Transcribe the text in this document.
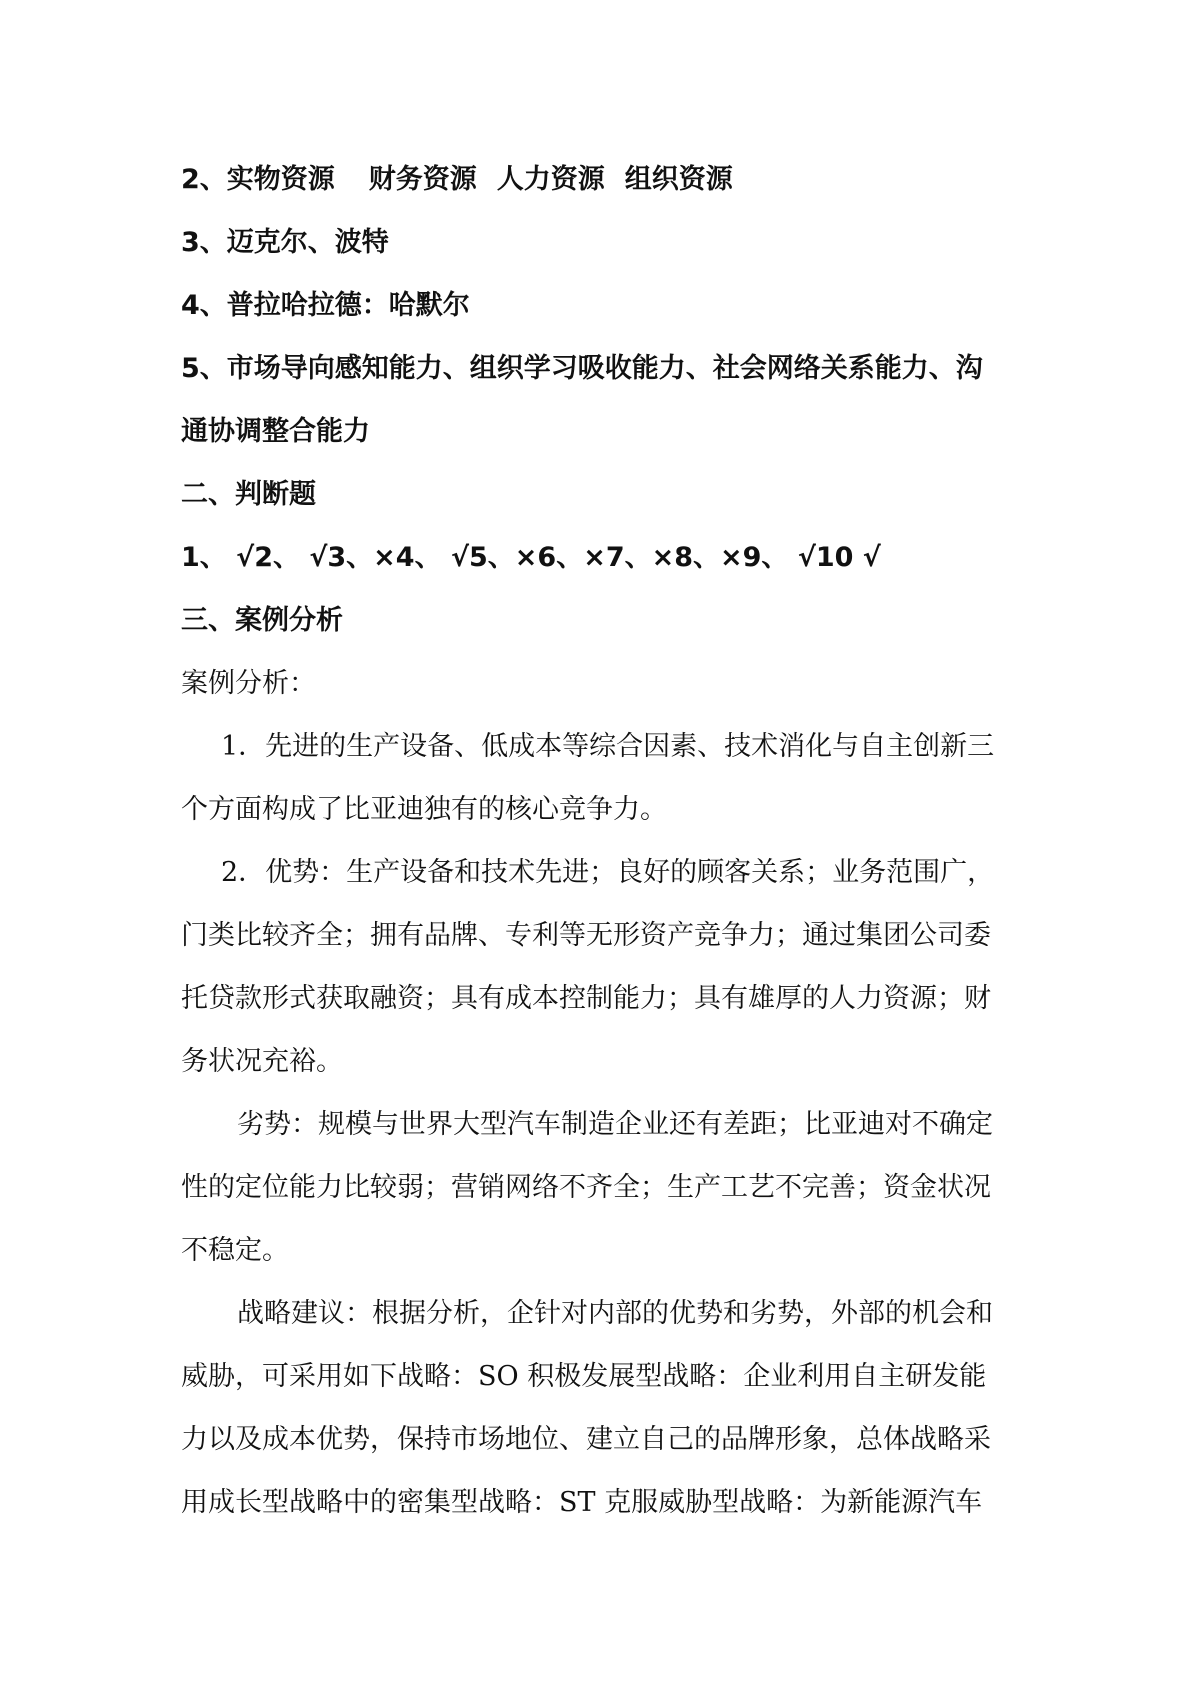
2、实物资源 财务资源 人力资源 组织资源

3、迈克尔、波特

4、普拉哈拉德：哈默尔

5、市场导向感知能力、组织学习吸收能力、社会网络关系能力、沟

通协调整合能力

二、判断题

1、 √2、 √3、×4、 √5、×6、×7、×8、×9、 √10 √

三、案例分析

案例分析：

1．先进的生产设备、低成本等综合因素、技术消化与自主创新三

个方面构成了比亚迪独有的核心竞争力。

2．优势：生产设备和技术先进；良好的顾客关系；业务范围广，

门类比较齐全；拥有品牌、专利等无形资产竞争力；通过集团公司委

托贷款形式获取融资；具有成本控制能力；具有雄厚的人力资源；财

务状况充裕。

劣势：规模与世界大型汽车制造企业还有差距；比亚迪对不确定

性的定位能力比较弱；营销网络不齐全；生产工艺不完善；资金状况

不稳定。

战略建议：根据分析，企针对内部的优势和劣势，外部的机会和

威胁，可采用如下战略：SO 积极发展型战略：企业利用自主研发能

力以及成本优势，保持市场地位、建立自己的品牌形象，总体战略采

用成长型战略中的密集型战略：ST 克服威胁型战略：为新能源汽车
